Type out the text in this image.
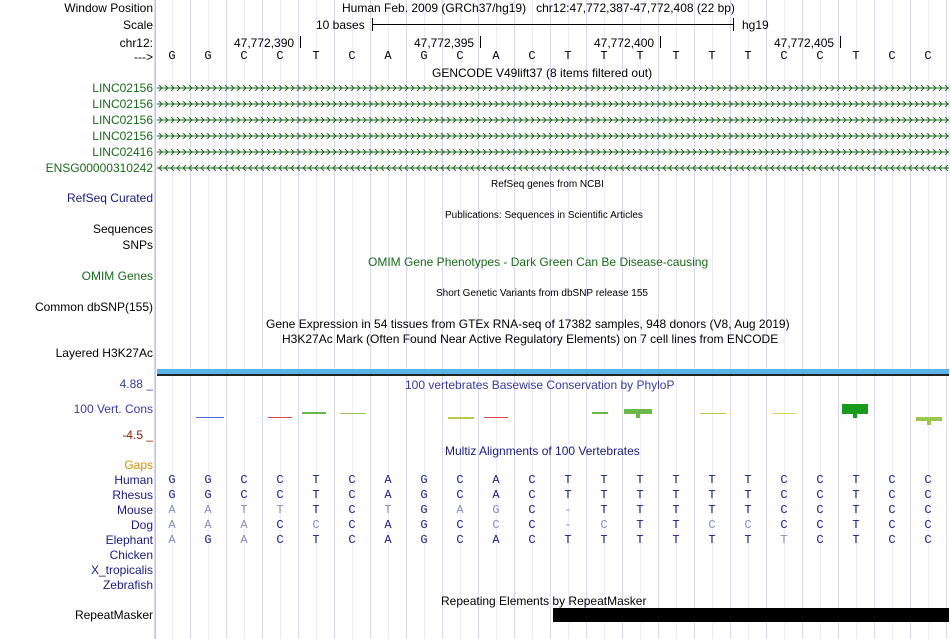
Window Position	Human Feb. 2009 (GRCh37/hg19)   chr12:47,772,387-47,772,408 (22 bp)
Scale	10 bases	hg19
chr12:	47,772,390	47,772,395	47,772,400	47,772,405
---> G G C C T C A G C A C T T T T T T C C T C C
GENCODE V49lift37 (8 items filtered out)
LINC02156
LINC02156
LINC02156
LINC02156
LINC02416
ENSG00000310242
RefSeq Curated
RefSeq genes from NCBI
Sequences
Publications: Sequences in Scientific Articles
SNPs
OMIM Gene Phenotypes - Dark Green Can Be Disease-causing
OMIM Genes
Short Genetic Variants from dbSNP release 155
Common dbSNP(155)
Gene Expression in 54 tissues from GTEx RNA-seq of 17382 samples, 948 donors (V8, Aug 2019)
H3K27Ac Mark (Often Found Near Active Regulatory Elements) on 7 cell lines from ENCODE
Layered H3K27Ac
4.88 _	100 vertebrates Basewise Conservation by PhyloP
100 Vert. Cons
-4.5 _
Multiz Alignments of 100 Vertebrates
Gaps
Human G G C C T C A G C A C T T T T T T C C T C C
Rhesus G G C C T C A G C A C T T T T T T C C T C C
Mouse A A T T T C T G A G C - T T T T T C C T C C
Dog A A A C C C A G C C C - C T T C C C C T C C
Elephant A G A C T C A G C A C T T T T T T T C T C C
Chicken
X_tropicalis
Zebrafish
Repeating Elements by RepeatMasker
RepeatMasker
